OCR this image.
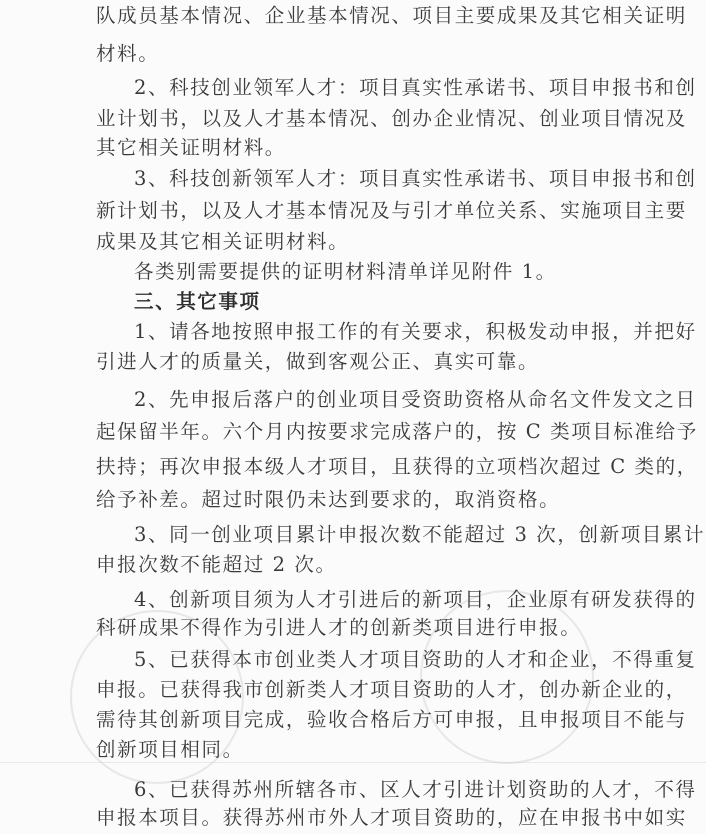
队成员基本情况、企业基本情况、项目主要成果及其它相关证明
材料。
2、科技创业领军人才：项目真实性承诺书、项目申报书和创
业计划书，以及人才基本情况、创办企业情况、创业项目情况及
其它相关证明材料。
3、科技创新领军人才：项目真实性承诺书、项目申报书和创
新计划书，以及人才基本情况及与引才单位关系、实施项目主要
成果及其它相关证明材料。
各类别需要提供的证明材料清单详见附件 1。
三、其它事项
1、请各地按照申报工作的有关要求，积极发动申报，并把好
引进人才的质量关，做到客观公正、真实可靠。
2、先申报后落户的创业项目受资助资格从命名文件发文之日
起保留半年。六个月内按要求完成落户的，按 C 类项目标准给予
扶持；再次申报本级人才项目，且获得的立项档次超过 C 类的，
给予补差。超过时限仍未达到要求的，取消资格。
3、同一创业项目累计申报次数不能超过 3 次，创新项目累计
申报次数不能超过 2 次。
4、创新项目须为人才引进后的新项目，企业原有研发获得的
科研成果不得作为引进人才的创新类项目进行申报。
5、已获得本市创业类人才项目资助的人才和企业，不得重复
申报。已获得我市创新类人才项目资助的人才，创办新企业的，
需待其创新项目完成，验收合格后方可申报，且申报项目不能与
创新项目相同。
6、已获得苏州所辖各市、区人才引进计划资助的人才，不得
申报本项目。获得苏州市外人才项目资助的，应在申报书中如实
